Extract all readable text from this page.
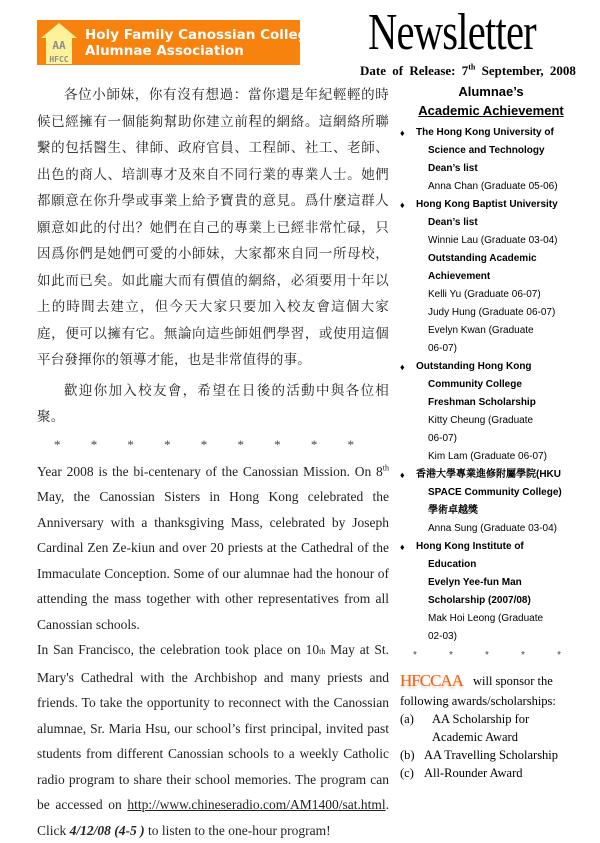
AA
HFCC
Holy Family Canossian College
Alumnae Association	Newsletter
Date of Release: 7th September, 2008

各位小師妹，你有沒有想過：當你還是年紀輕輕的時候已經擁有一個能夠幫助你建立前程的網絡。這網絡所聯繫的包括醫生、律師、政府官員、工程師、社工、老師、出色的商人、培訓專才及來自不同行業的專業人士。她們都願意在你升學或事業上給予寶貴的意見。爲什麼這群人願意如此的付出？她們在自己的專業上已經非常忙碌，只因爲你們是她們可愛的小師妹，大家都來自同一所母校，如此而已矣。如此龐大而有價值的網絡，必須要用十年以上的時間去建立，但今天大家只要加入校友會這個大家庭，便可以擁有它。無論向這些師姐們學習，或使用這個平台發揮你的領導才能，也是非常值得的事。

歡迎你加入校友會，希望在日後的活動中與各位相聚。

* * * * * * * * *

Year 2008 is the bi-centenary of the Canossian Mission. On 8th May, the Canossian Sisters in Hong Kong celebrated the Anniversary with a thanksgiving Mass, celebrated by Joseph Cardinal Zen Ze-kiun and over 20 priests at the Cathedral of the Immaculate Conception. Some of our alumnae had the honour of attending the mass together with other representatives from all Canossian schools.

In San Francisco, the celebration took place on 10th May at St. Mary's Cathedral with the Archbishop and many priests and friends. To take the opportunity to reconnect with the Canossian alumnae, Sr. Maria Hsu, our school’s first principal, invited past students from different Canossian schools to a weekly Catholic radio program to share their school memories. The program can be accessed on http://www.chineseradio.com/AM1400/sat.html. Click 4/12/08 (4-5 ) to listen to the one-hour program!

Alumnae’s
Academic Achievement
♦ The Hong Kong University of
Science and Technology
Dean’s list
Anna Chan (Graduate 05-06)
♦ Hong Kong Baptist University
Dean’s list
Winnie Lau (Graduate 03-04)
Outstanding Academic
Achievement
Kelli Yu (Graduate 06-07)
Judy Hung (Graduate 06-07)
Evelyn Kwan (Graduate
06-07)
♦ Outstanding Hong Kong
Community College
Freshman Scholarship
Kitty Cheung (Graduate
06-07)
Kim Lam (Graduate 06-07)
♦ 香港大學專業進修附屬學院(HKU
SPACE Community College)
學術卓越獎
Anna Sung (Graduate 03-04)
♦ Hong Kong Institute of
Education
Evelyn Yee-fun Man
Scholarship (2007/08)
Mak Hoi Leong (Graduate
02-03)
*	*	*	*	*
HFCCAA will sponsor the
following awards/scholarships:
(a)	AA Scholarship for
Academic Award
(b) AA Travelling Scholarship
(c) All-Rounder Award
